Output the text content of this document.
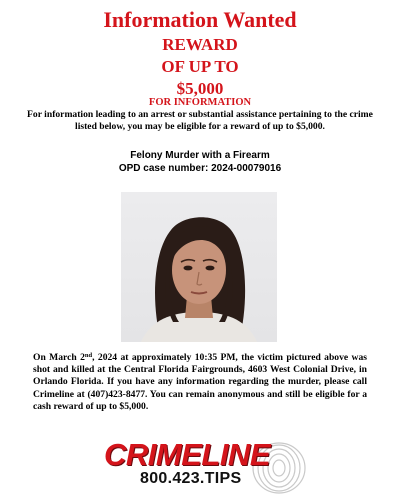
Information Wanted
REWARD
OF UP TO
$5,000
FOR INFORMATION
For information leading to an arrest or substantial assistance pertaining to the crime listed below, you may be eligible for a reward of up to $5,000.
Felony Murder with a Firearm
OPD case number: 2024-00079016
On March 2nd, 2024 at approximately 10:35 PM, the victim pictured above was shot and killed at the Central Florida Fairgrounds, 4603 West Colonial Drive, in Orlando Florida. If you have any information regarding the murder, please call Crimeline at (407)423-8477. You can remain anonymous and still be eligible for a cash reward of up to $5,000.
CRIMELINE
800.423.TIPS
